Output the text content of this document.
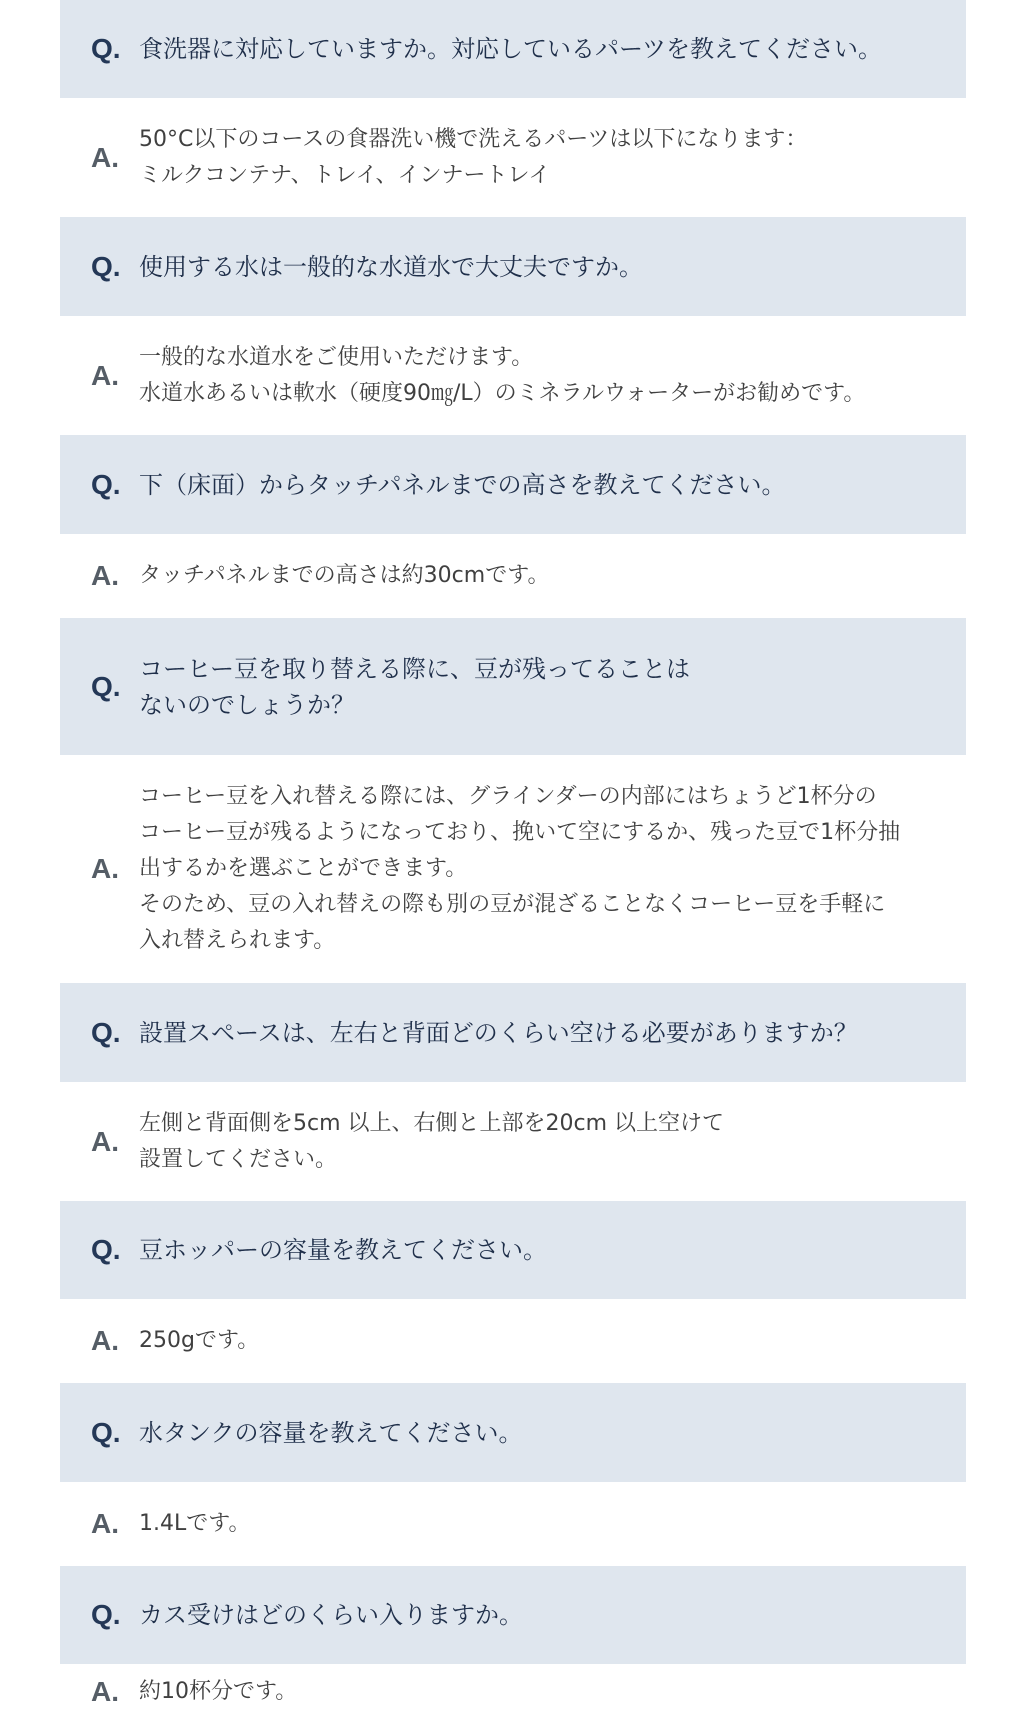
Q. 食洗器に対応していますか。対応しているパーツを教えてください。
A.
50°C以下のコースの食器洗い機で洗えるパーツは以下になります：
ミルクコンテナ、トレイ、インナートレイ
Q. 使用する水は一般的な水道水で大丈夫ですか。
A.
一般的な水道水をご使用いただけます。
水道水あるいは軟水（硬度90㎎/L）のミネラルウォーターがお勧めです。
Q. 下（床面）からタッチパネルまでの高さを教えてください。
A. タッチパネルまでの高さは約30cmです。
Q.
コーヒー豆を取り替える際に、豆が残ってることは
ないのでしょうか？
A.
コーヒー豆を入れ替える際には、グラインダーの内部にはちょうど1杯分の
コーヒー豆が残るようになっており、挽いて空にするか、残った豆で1杯分抽
出するかを選ぶことができます。
そのため、豆の入れ替えの際も別の豆が混ざることなくコーヒー豆を手軽に
入れ替えられます。
Q. 設置スペースは、左右と背面どのくらい空ける必要がありますか？
A.
左側と背面側を5cm 以上、右側と上部を20cm 以上空けて
設置してください。
Q. 豆ホッパーの容量を教えてください。
A. 250gです。
Q. 水タンクの容量を教えてください。
A. 1.4Lです。
Q. カス受けはどのくらい入りますか。
A. 約10杯分です。
